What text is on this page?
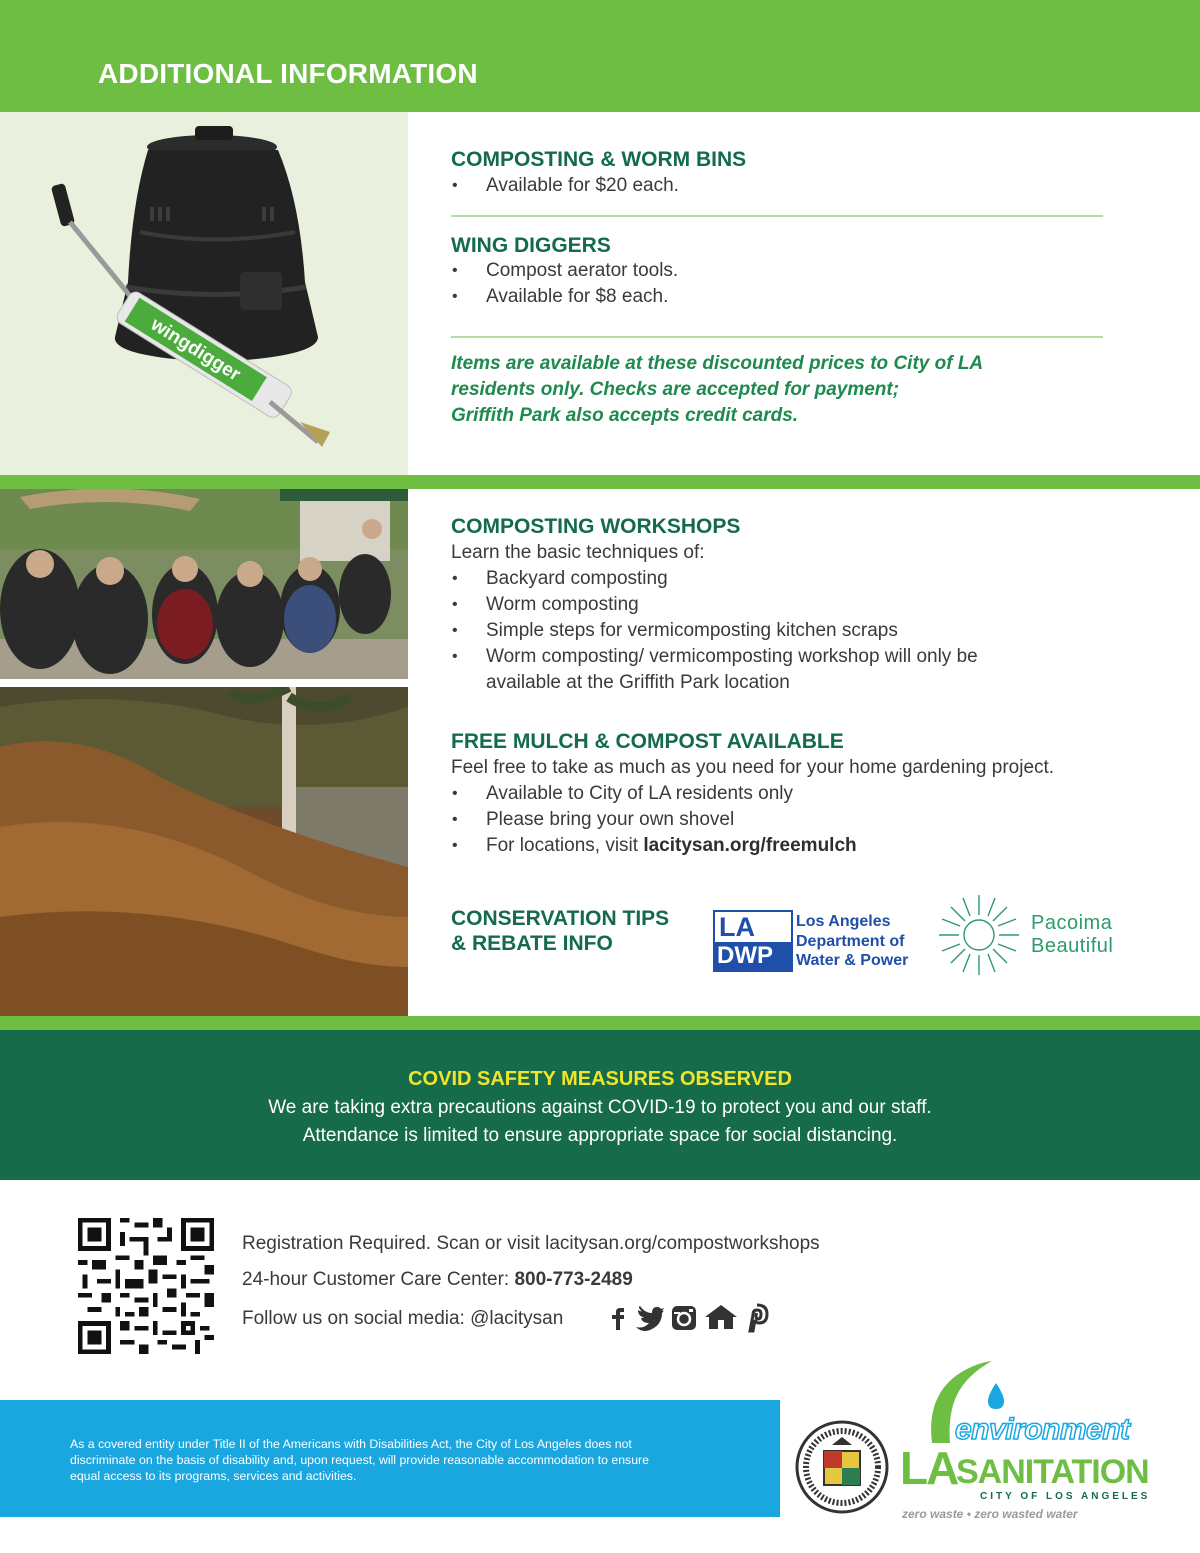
ADDITIONAL INFORMATION
wingdigger
COMPOSTING & WORM BINS
• Available for $20 each.
WING DIGGERS
• Compost aerator tools.
• Available for $8 each.
Items are available at these discounted prices to City of LA
residents only. Checks are accepted for payment;
Griffith Park also accepts credit cards.
COMPOSTING WORKSHOPS
Learn the basic techniques of:
• Backyard composting
• Worm composting
• Simple steps for vermicomposting kitchen scraps
• Worm composting/ vermicomposting workshop will only be
available at the Griffith Park location
FREE MULCH & COMPOST AVAILABLE
Feel free to take as much as you need for your home gardening project.
• Available to City of LA residents only
• Please bring your own shovel
• For locations, visit lacitysan.org/freemulch
CONSERVATION TIPS
& REBATE INFO
LA
DWP
Los Angeles
Department of
Water & Power
Pacoima
Beautiful
COVID SAFETY MEASURES OBSERVED
We are taking extra precautions against COVID-19 to protect you and our staff.
Attendance is limited to ensure appropriate space for social distancing.
Registration Required. Scan or visit lacitysan.org/compostworkshops
24-hour Customer Care Center: 800-773-2489
Follow us on social media: @lacitysan
As a covered entity under Title II of the Americans with Disabilities Act, the City of Los Angeles does not discriminate on the basis of disability and, upon request, will provide reasonable accommodation to ensure equal access to its programs, services and activities.
environment
LA
SANITATION
CITY OF LOS ANGELES
zero waste • zero wasted water
